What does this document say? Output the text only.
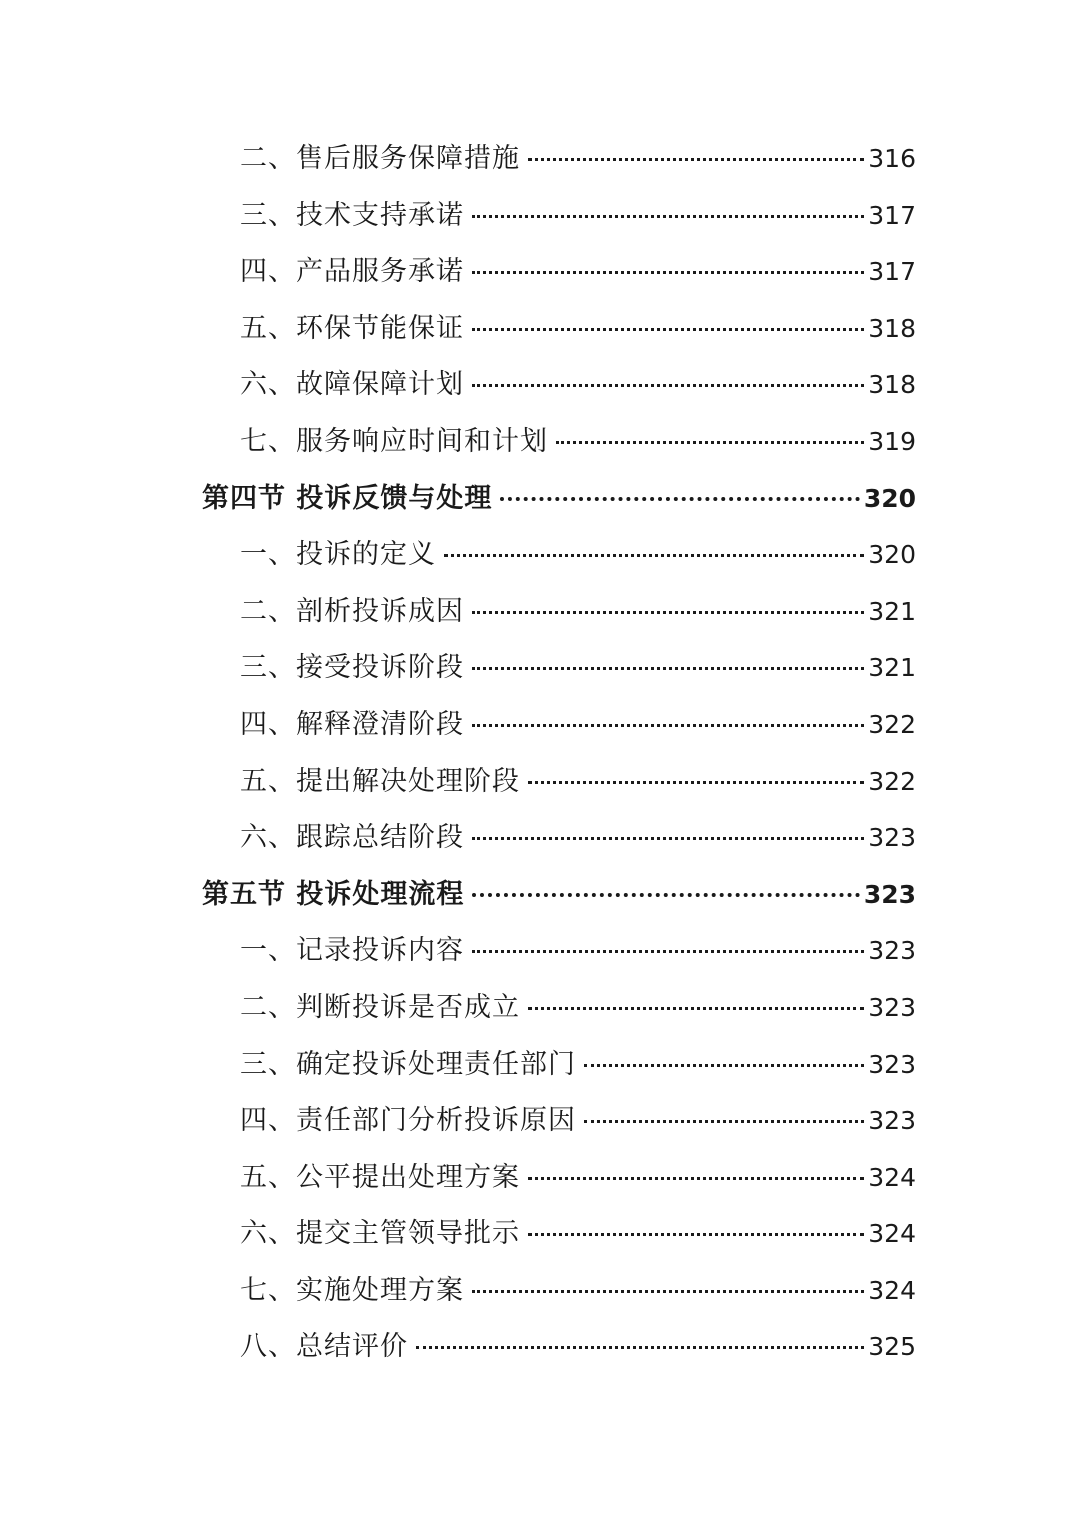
二、售后服务保障措施	316
三、技术支持承诺	317
四、产品服务承诺	317
五、环保节能保证	318
六、故障保障计划	318
七、服务响应时间和计划	319
第四节 投诉反馈与处理	320
一、投诉的定义	320
二、剖析投诉成因	321
三、接受投诉阶段	321
四、解释澄清阶段	322
五、提出解决处理阶段	322
六、跟踪总结阶段	323
第五节 投诉处理流程	323
一、记录投诉内容	323
二、判断投诉是否成立	323
三、确定投诉处理责任部门	323
四、责任部门分析投诉原因	323
五、公平提出处理方案	324
六、提交主管领导批示	324
七、实施处理方案	324
八、总结评价	325
